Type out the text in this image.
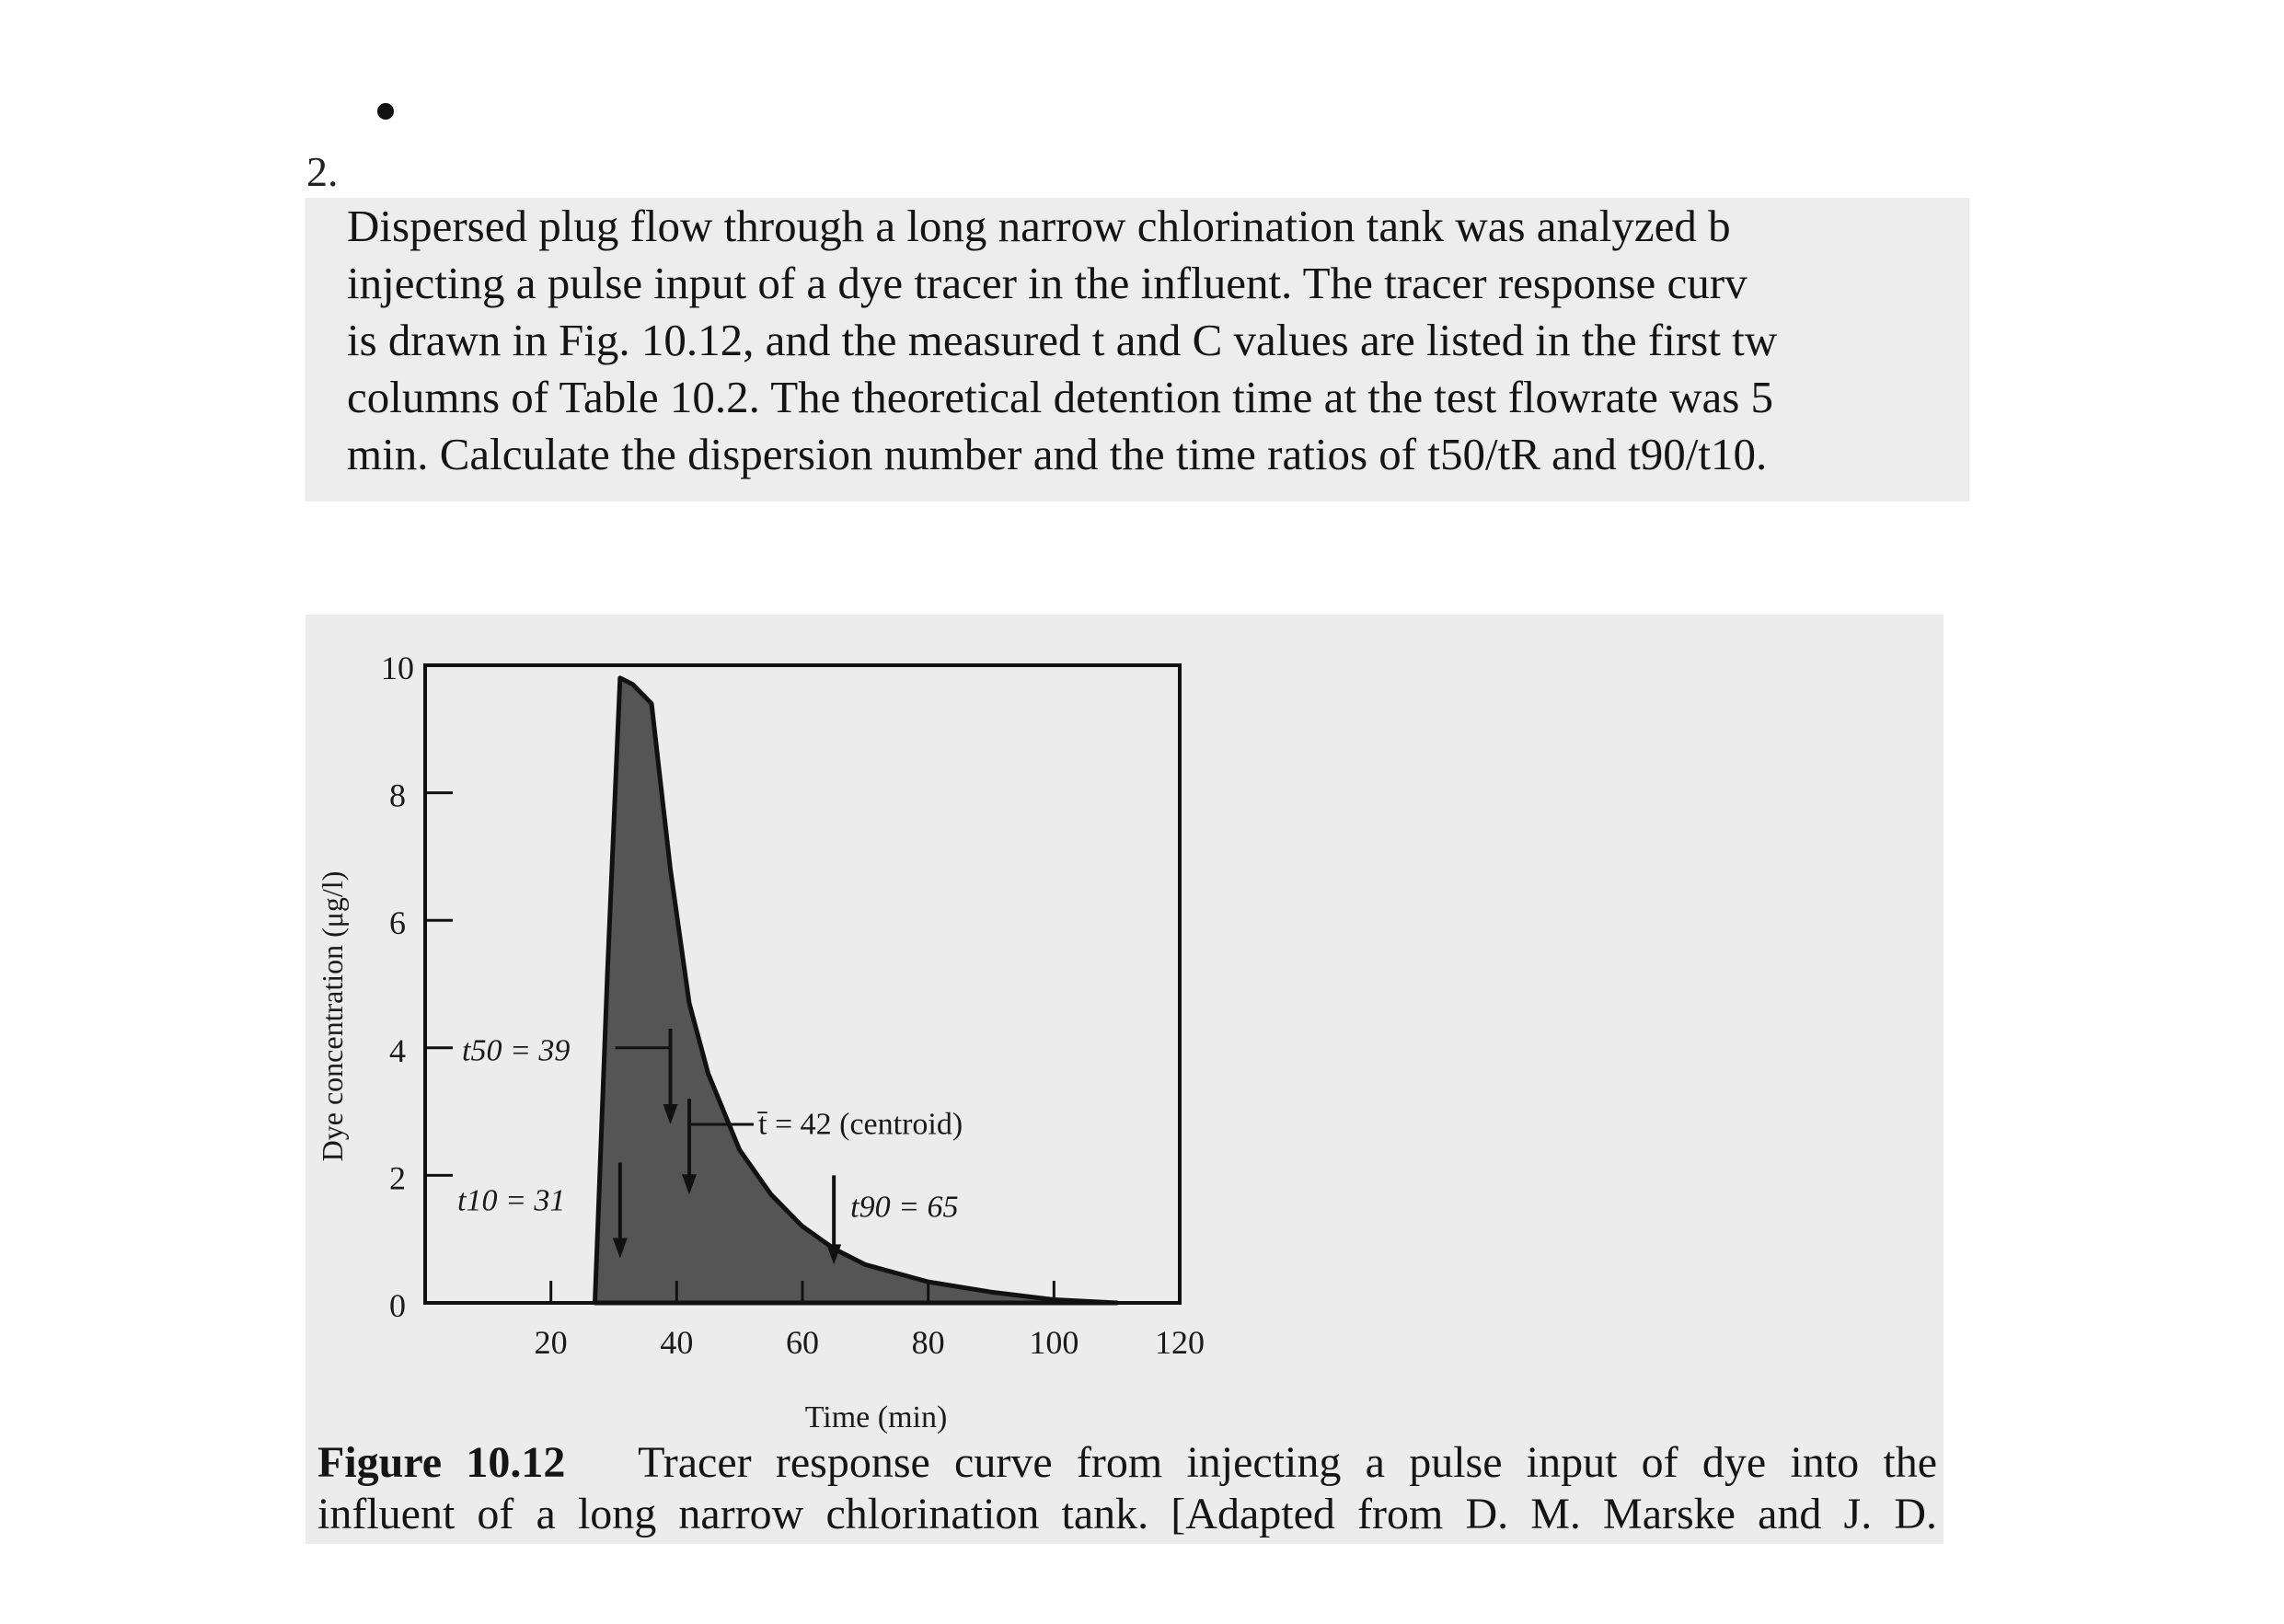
2.
Dispersed plug flow through a long narrow chlorination tank was analyzed b
injecting a pulse input of a dye tracer in the influent. The tracer response curv
is drawn in Fig. 10.12, and the measured t and C values are listed in the first tw
columns of Table 10.2. The theoretical detention time at the test flowrate was 5
min. Calculate the dispersion number and the time ratios of t50/tR and t90/t10.
0
2
4
6
8
10
20	40	60	80	100 120
Time (min)
Dye concentration (μg/l)	t50 = 39
t̄ = 42 (centroid)
t10 = 31	t90 = 65
Figure 10.12 Tracer response curve from injecting a pulse input of dye into the
influent of a long narrow chlorination tank. [Adapted from D. M. Marske and J. D.
